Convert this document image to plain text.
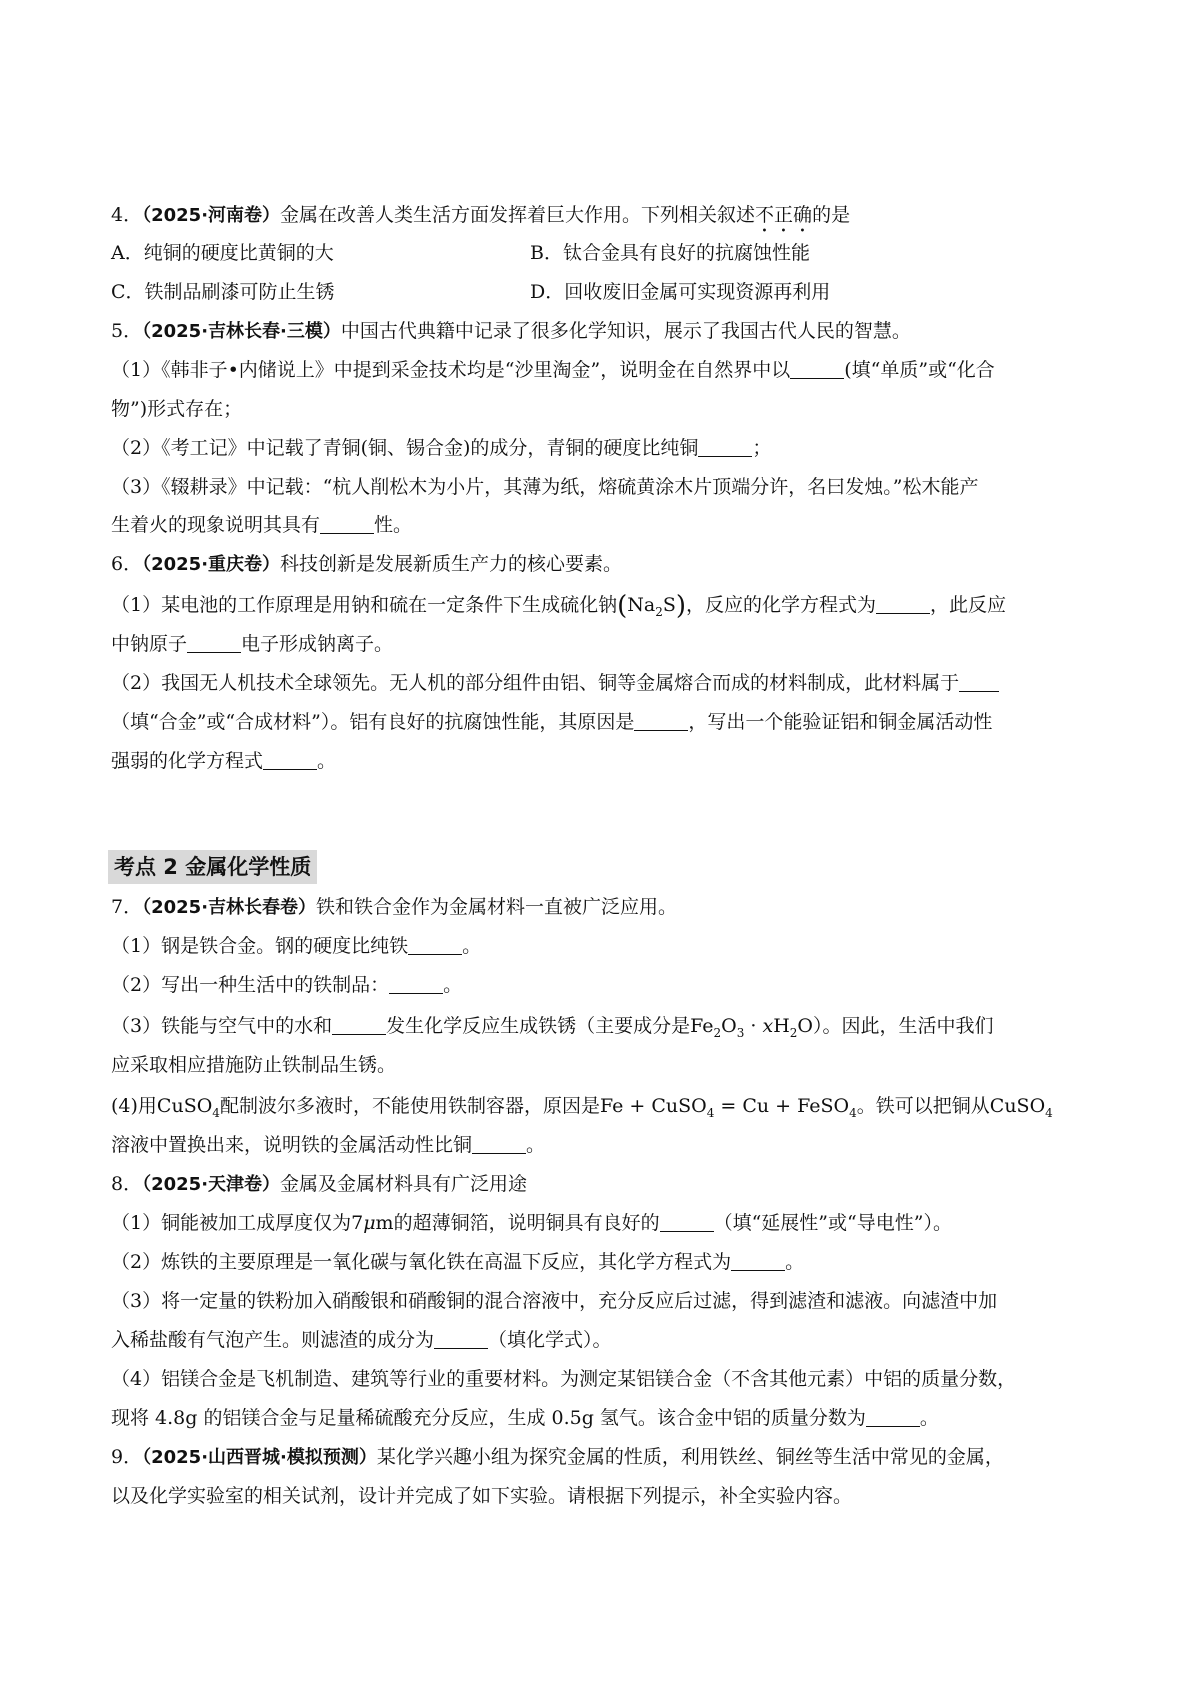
4．（2025·河南卷）金属在改善人类生活方面发挥着巨大作用。下列相关叙述不正确的是
A．纯铜的硬度比黄铜的大	B．钛合金具有良好的抗腐蚀性能
C．铁制品刷漆可防止生锈	D．回收废旧金属可实现资源再利用
5．（2025·吉林长春·三模）中国古代典籍中记录了很多化学知识，展示了我国古代人民的智慧。
（1）《韩非子•内储说上》中提到采金技术均是“沙里淘金”，说明金在自然界中以	(填“单质”或“化合
物”)形式存在；
（2）《考工记》中记载了青铜(铜、锡合金)的成分，青铜的硬度比纯铜	；
（3）《辍耕录》中记载：“杭人削松木为小片，其薄为纸，熔硫黄涂木片顶端分许，名曰发烛。”松木能产
生着火的现象说明其具有	性。
6．（2025·重庆卷）科技创新是发展新质生产力的核心要素。
（1）某电池的工作原理是用钠和硫在一定条件下生成硫化钠$(Na_2S)$，反应的化学方程式为	，此反应
中钠原子	电子形成钠离子。
（2）我国无人机技术全球领先。无人机的部分组件由铝、铜等金属熔合而成的材料制成，此材料属于
（填“合金”或“合成材料”）。铝有良好的抗腐蚀性能，其原因是	，写出一个能验证铝和铜金属活动性
强弱的化学方程式	。
考点 2 金属化学性质
7．（2025·吉林长春卷）铁和铁合金作为金属材料一直被广泛应用。
（1）钢是铁合金。钢的硬度比纯铁	。
（2）写出一种生活中的铁制品：	。
（3）铁能与空气中的水和	发生化学反应生成铁锈（主要成分是$Fe_2O_3 \cdot xH_2O$）。因此，生活中我们
应采取相应措施防止铁制品生锈。
(4)用CuSO$_4$配制波尔多液时，不能使用铁制容器，原因是Fe + CuSO$_4$ = Cu + FeSO$_4$。铁可以把铜从CuSO$_4$
溶液中置换出来，说明铁的金属活动性比铜	。
8．（2025·天津卷）金属及金属材料具有广泛用途
（1）铜能被加工成厚度仅为7μm的超薄铜箔，说明铜具有良好的	（填“延展性”或“导电性”）。
（2）炼铁的主要原理是一氧化碳与氧化铁在高温下反应，其化学方程式为	。
（3）将一定量的铁粉加入硝酸银和硝酸铜的混合溶液中，充分反应后过滤，得到滤渣和滤液。向滤渣中加
入稀盐酸有气泡产生。则滤渣的成分为	（填化学式）。
（4）铝镁合金是飞机制造、建筑等行业的重要材料。为测定某铝镁合金（不含其他元素）中铝的质量分数，
现将 4.8g 的铝镁合金与足量稀硫酸充分反应，生成 0.5g 氢气。该合金中铝的质量分数为	。
9．（2025·山西晋城·模拟预测）某化学兴趣小组为探究金属的性质，利用铁丝、铜丝等生活中常见的金属，
以及化学实验室的相关试剂，设计并完成了如下实验。请根据下列提示，补全实验内容。
